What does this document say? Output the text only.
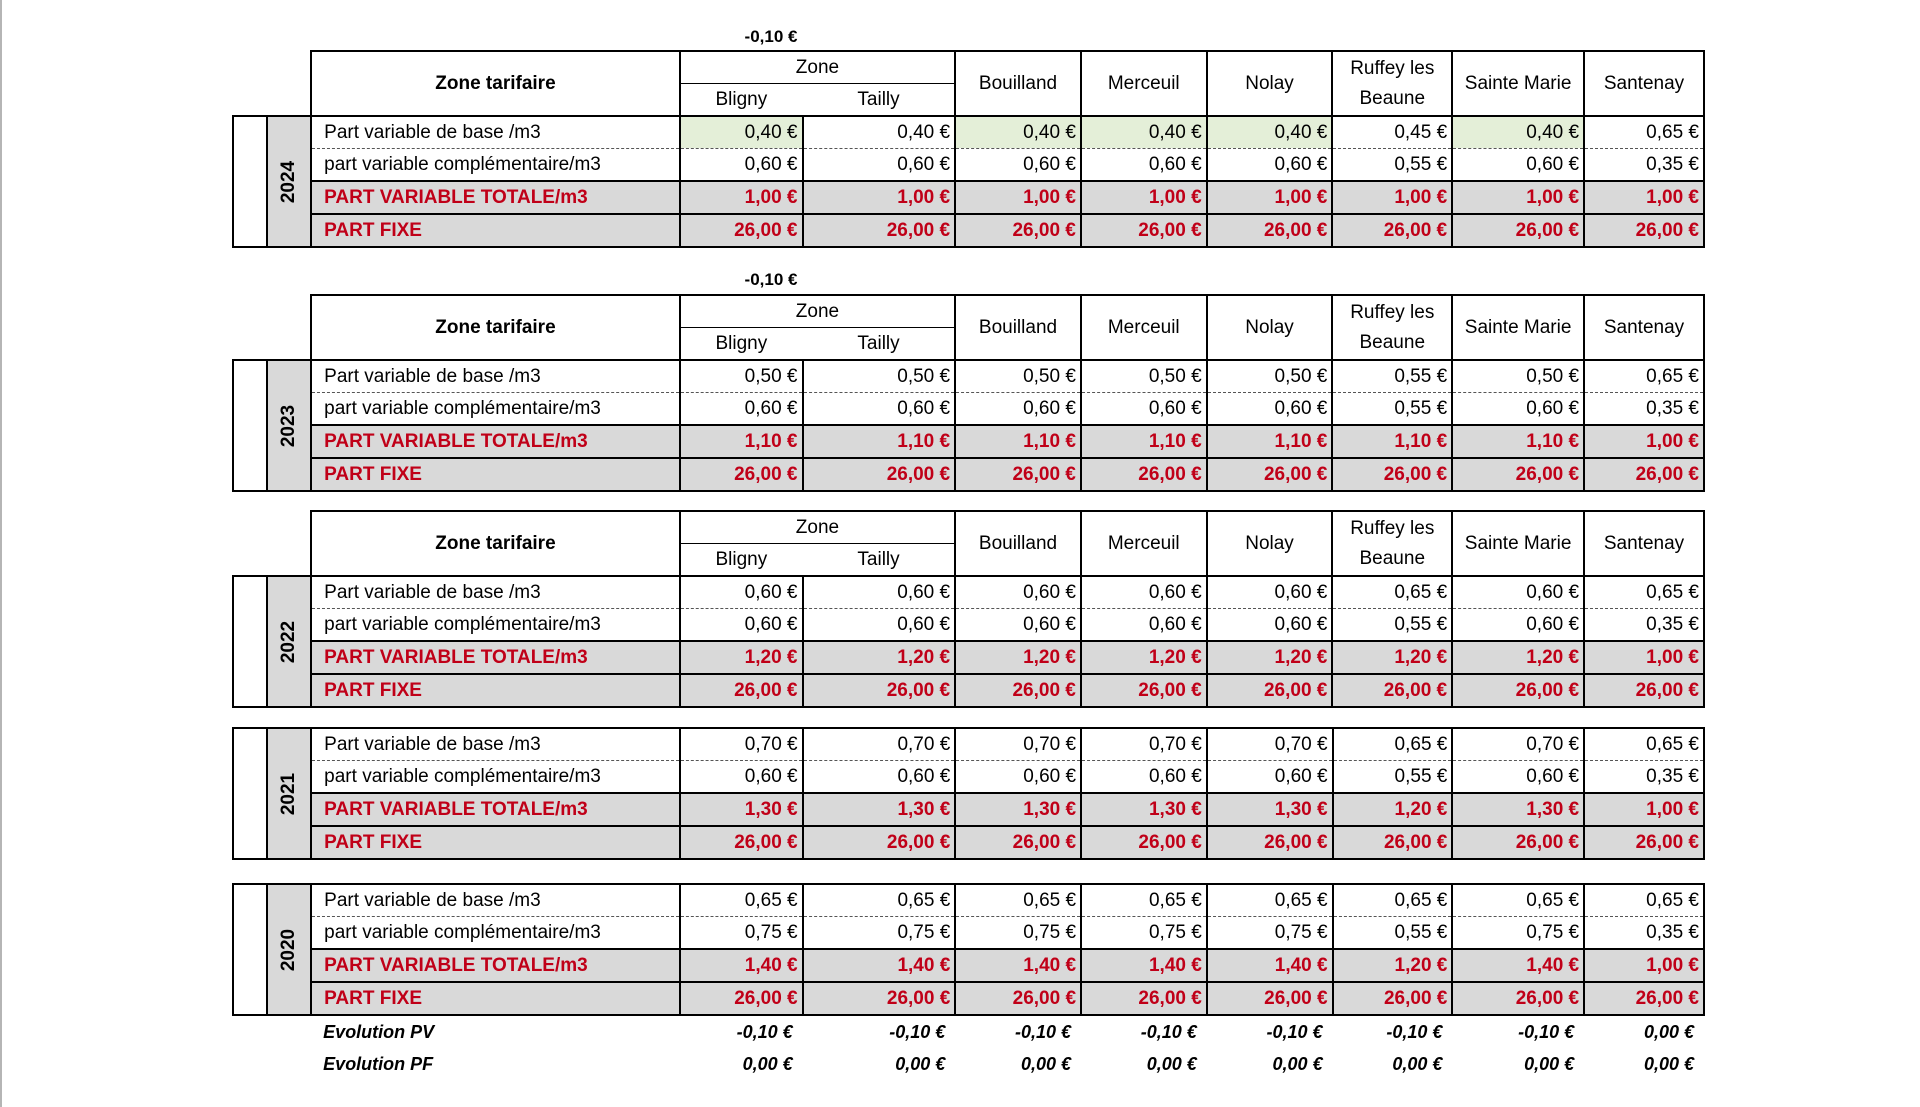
-0,10 €
-0,10 €
		Zone tarifaire	Zone		Bouilland	Merceuil	Nolay	Ruffey les Beaune	Sainte Marie	Santenay
			Bligny	Tailly						
	2024	Part variable de base /m3	0,40 €	0,40 €	0,40 €	0,40 €	0,40 €	0,45 €	0,40 €	0,65 €
		part variable complémentaire/m3	0,60 €	0,60 €	0,60 €	0,60 €	0,60 €	0,55 €	0,60 €	0,35 €
		PART VARIABLE TOTALE/m3	1,00 €	1,00 €	1,00 €	1,00 €	1,00 €	1,00 €	1,00 €	1,00 €
		PART FIXE	26,00 €	26,00 €	26,00 €	26,00 €	26,00 €	26,00 €	26,00 €	26,00 €
		Zone tarifaire	Zone		Bouilland	Merceuil	Nolay	Ruffey les Beaune	Sainte Marie	Santenay
			Bligny	Tailly						
	2023	Part variable de base /m3	0,50 €	0,50 €	0,50 €	0,50 €	0,50 €	0,55 €	0,50 €	0,65 €
		part variable complémentaire/m3	0,60 €	0,60 €	0,60 €	0,60 €	0,60 €	0,55 €	0,60 €	0,35 €
		PART VARIABLE TOTALE/m3	1,10 €	1,10 €	1,10 €	1,10 €	1,10 €	1,10 €	1,10 €	1,00 €
		PART FIXE	26,00 €	26,00 €	26,00 €	26,00 €	26,00 €	26,00 €	26,00 €	26,00 €
		Zone tarifaire	Zone		Bouilland	Merceuil	Nolay	Ruffey les Beaune	Sainte Marie	Santenay
			Bligny	Tailly						
	2022	Part variable de base /m3	0,60 €	0,60 €	0,60 €	0,60 €	0,60 €	0,65 €	0,60 €	0,65 €
		part variable complémentaire/m3	0,60 €	0,60 €	0,60 €	0,60 €	0,60 €	0,55 €	0,60 €	0,35 €
		PART VARIABLE TOTALE/m3	1,20 €	1,20 €	1,20 €	1,20 €	1,20 €	1,20 €	1,20 €	1,00 €
		PART FIXE	26,00 €	26,00 €	26,00 €	26,00 €	26,00 €	26,00 €	26,00 €	26,00 €
	2021	Part variable de base /m3	0,70 €	0,70 €	0,70 €	0,70 €	0,70 €	0,65 €	0,70 €	0,65 €
		part variable complémentaire/m3	0,60 €	0,60 €	0,60 €	0,60 €	0,60 €	0,55 €	0,60 €	0,35 €
		PART VARIABLE TOTALE/m3	1,30 €	1,30 €	1,30 €	1,30 €	1,30 €	1,20 €	1,30 €	1,00 €
		PART FIXE	26,00 €	26,00 €	26,00 €	26,00 €	26,00 €	26,00 €	26,00 €	26,00 €
	2020	Part variable de base /m3	0,65 €	0,65 €	0,65 €	0,65 €	0,65 €	0,65 €	0,65 €	0,65 €
		part variable complémentaire/m3	0,75 €	0,75 €	0,75 €	0,75 €	0,75 €	0,55 €	0,75 €	0,35 €
		PART VARIABLE TOTALE/m3	1,40 €	1,40 €	1,40 €	1,40 €	1,40 €	1,20 €	1,40 €	1,00 €
		PART FIXE	26,00 €	26,00 €	26,00 €	26,00 €	26,00 €	26,00 €	26,00 €	26,00 €
		Evolution PV	-0,10 €	-0,10 €	-0,10 €	-0,10 €	-0,10 €	-0,10 €	-0,10 €	0,00 €
		Evolution PF	0,00 €	0,00 €	0,00 €	0,00 €	0,00 €	0,00 €	0,00 €	0,00 €
